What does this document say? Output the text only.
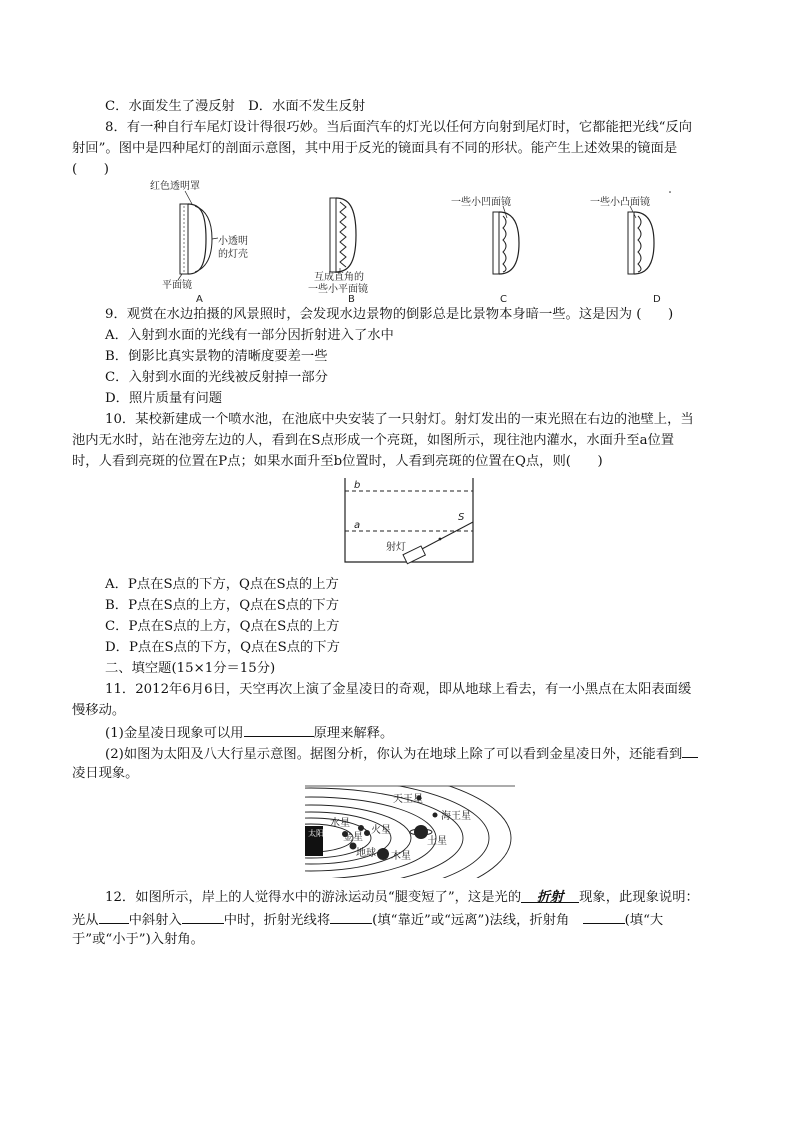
C．水面发生了漫反射　D．水面不发生反射
8．有一种自行车尾灯设计得很巧妙。当后面汽车的灯光以任何方向射到尾灯时，它都能把光线“反向
射回”。图中是四种尾灯的剖面示意图，其中用于反光的镜面具有不同的形状。能产生上述效果的镜面是
(　　)
红色透明罩
小透明
的灯壳
平面镜
A
互成直角的
一些小平面镜
B
一些小凹面镜
C
一些小凸面镜
D
9．观赏在水边拍摄的风景照时，会发现水边景物的倒影总是比景物本身暗一些。这是因为 (　　)
A．入射到水面的光线有一部分因折射进入了水中
B．倒影比真实景物的清晰度要差一些
C．入射到水面的光线被反射掉一部分
D．照片质量有问题
10．某校新建成一个喷水池，在池底中央安装了一只射灯。射灯发出的一束光照在右边的池壁上，当
池内无水时，站在池旁左边的人，看到在S点形成一个亮斑，如图所示，现往池内灌水，水面升至a位置
时，人看到亮斑的位置在P点；如果水面升至b位置时，人看到亮斑的位置在Q点，则(　　)
b
a
S
射灯
A．P点在S点的下方，Q点在S点的上方
B．P点在S点的上方，Q点在S点的下方
C．P点在S点的上方，Q点在S点的上方
D．P点在S点的下方，Q点在S点的下方
二、填空题(15×1分＝15分)
11．2012年6月6日，天空再次上演了金星凌日的奇观，即从地球上看去，有一小黑点在太阳表面缓
慢移动。
(1)金星凌日现象可以用	原理来解释。
(2)如图为太阳及八大行星示意图。据图分析，你认为在地球上除了可以看到金星凌日外，还能看到
凌日现象。
太阳
水星
金星
火星
地球 木星
土星
海王星
天王星
12．如图所示，岸上的人觉得水中的游泳运动员“腿变短了”，这是光的 折射 现象，此现象说明：
光从 中斜射入	中时，折射光线将	(填“靠近”或“远离”)法线，折射角 	(填“大
于”或“小于”)入射角。
